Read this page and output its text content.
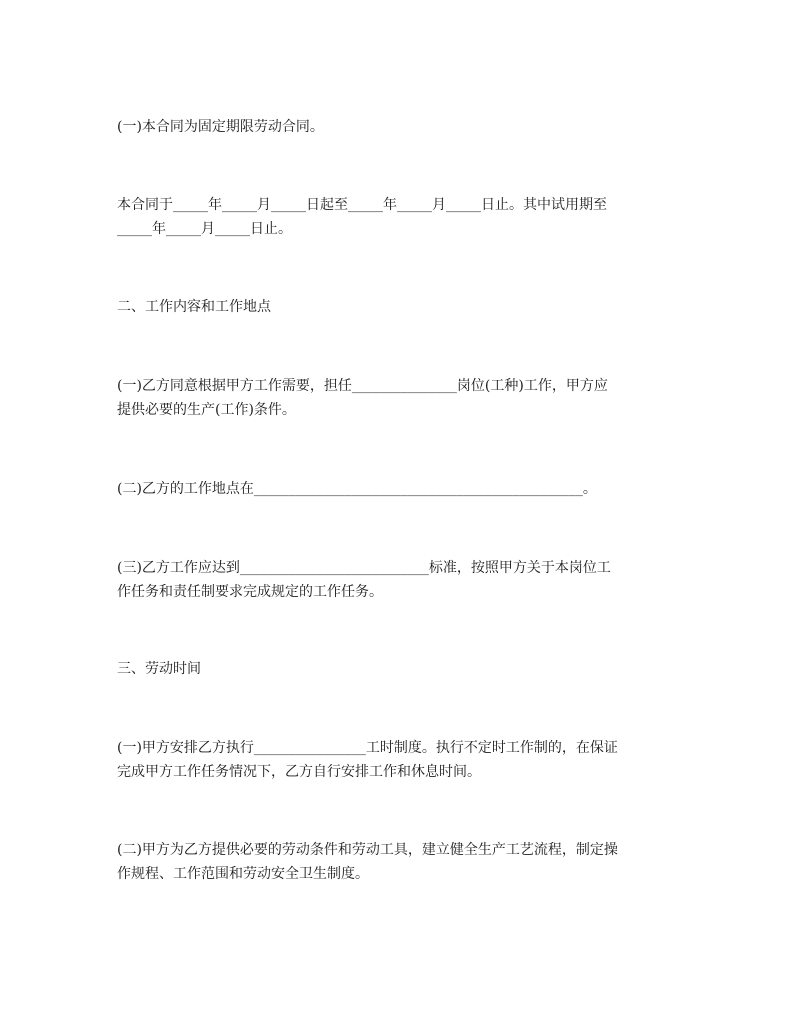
(一)本合同为固定期限劳动合同。

本合同于_____年_____月_____日起至_____年_____月_____日止。其中试用期至
_____年_____月_____日止。

二、工作内容和工作地点

(一)乙方同意根据甲方工作需要，担任_______________岗位(工种)工作，甲方应
提供必要的生产(工作)条件。

(二)乙方的工作地点在_______________________________________________。

(三)乙方工作应达到___________________________标准，按照甲方关于本岗位工
作任务和责任制要求完成规定的工作任务。

三、劳动时间

(一)甲方安排乙方执行________________工时制度。执行不定时工作制的，在保证
完成甲方工作任务情况下，乙方自行安排工作和休息时间。

(二)甲方为乙方提供必要的劳动条件和劳动工具，建立健全生产工艺流程，制定操
作规程、工作范围和劳动安全卫生制度。
